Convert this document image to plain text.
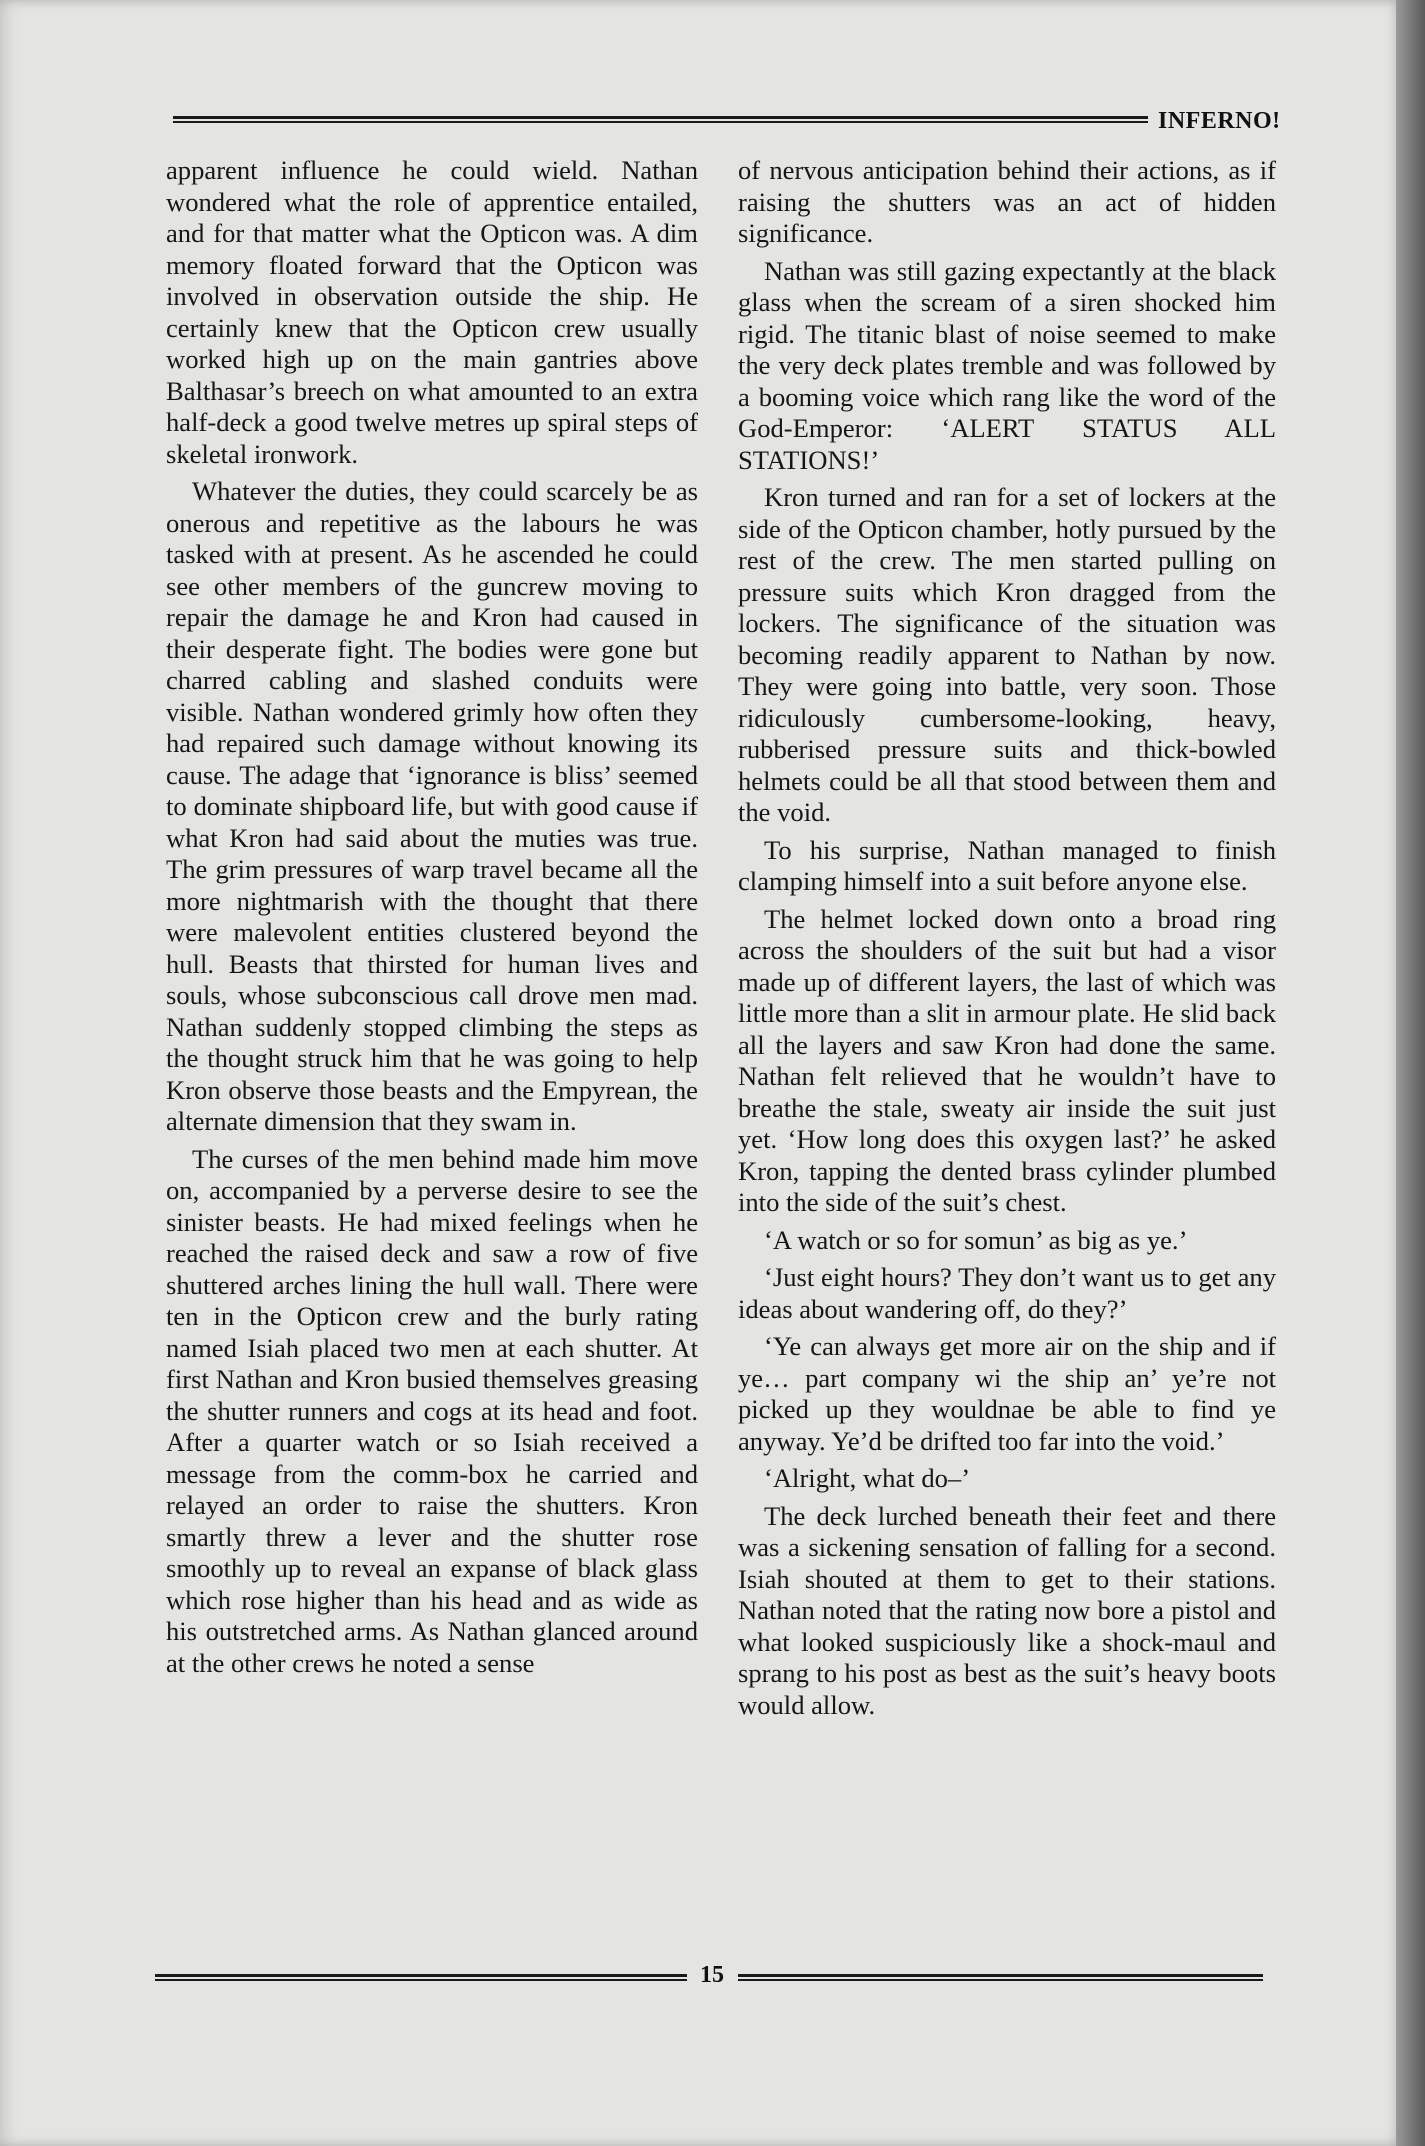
INFERNO!

apparent influence he could wield. Nathan wondered what the role of apprentice entailed, and for that matter what the Opticon was. A dim memory floated forward that the Opticon was involved in observation outside the ship. He certainly knew that the Opticon crew usually worked high up on the main gantries above Balthasar’s breech on what amounted to an extra half-deck a good twelve metres up spiral steps of skeletal ironwork.

Whatever the duties, they could scarcely be as onerous and repetitive as the labours he was tasked with at present. As he ascended he could see other members of the guncrew moving to repair the damage he and Kron had caused in their desperate fight. The bodies were gone but charred cabling and slashed conduits were visible. Nathan wondered grimly how often they had repaired such damage without knowing its cause. The adage that ‘ignorance is bliss’ seemed to dominate shipboard life, but with good cause if what Kron had said about the muties was true. The grim pressures of warp travel became all the more nightmarish with the thought that there were malevolent entities clustered beyond the hull. Beasts that thirsted for human lives and souls, whose subconscious call drove men mad. Nathan suddenly stopped climbing the steps as the thought struck him that he was going to help Kron observe those beasts and the Empyrean, the alternate dimension that they swam in.

The curses of the men behind made him move on, accompanied by a perverse desire to see the sinister beasts. He had mixed feelings when he reached the raised deck and saw a row of five shuttered arches lining the hull wall. There were ten in the Opticon crew and the burly rating named Isiah placed two men at each shutter. At first Nathan and Kron busied themselves greasing the shutter runners and cogs at its head and foot. After a quarter watch or so Isiah received a message from the comm-box he carried and relayed an order to raise the shutters. Kron smartly threw a lever and the shutter rose smoothly up to reveal an expanse of black glass which rose higher than his head and as wide as his outstretched arms. As Nathan glanced around at the other crews he noted a sense

of nervous anticipation behind their actions, as if raising the shutters was an act of hidden significance.

Nathan was still gazing expectantly at the black glass when the scream of a siren shocked him rigid. The titanic blast of noise seemed to make the very deck plates tremble and was followed by a booming voice which rang like the word of the God-Emperor: ‘ALERT STATUS ALL STATIONS!’

Kron turned and ran for a set of lockers at the side of the Opticon chamber, hotly pursued by the rest of the crew. The men started pulling on pressure suits which Kron dragged from the lockers. The significance of the situation was becoming readily apparent to Nathan by now. They were going into battle, very soon. Those ridiculously cumbersome-looking, heavy, rubberised pressure suits and thick-bowled helmets could be all that stood between them and the void.

To his surprise, Nathan managed to finish clamping himself into a suit before anyone else.

The helmet locked down onto a broad ring across the shoulders of the suit but had a visor made up of different layers, the last of which was little more than a slit in armour plate. He slid back all the layers and saw Kron had done the same. Nathan felt relieved that he wouldn’t have to breathe the stale, sweaty air inside the suit just yet. ‘How long does this oxygen last?’ he asked Kron, tapping the dented brass cylinder plumbed into the side of the suit’s chest.

‘A watch or so for somun’ as big as ye.’

‘Just eight hours? They don’t want us to get any ideas about wandering off, do they?’

‘Ye can always get more air on the ship and if ye… part company wi the ship an’ ye’re not picked up they wouldnae be able to find ye anyway. Ye’d be drifted too far into the void.’

‘Alright, what do–’

The deck lurched beneath their feet and there was a sickening sensation of falling for a second. Isiah shouted at them to get to their stations. Nathan noted that the rating now bore a pistol and what looked suspiciously like a shock-maul and sprang to his post as best as the suit’s heavy boots would allow.

15
